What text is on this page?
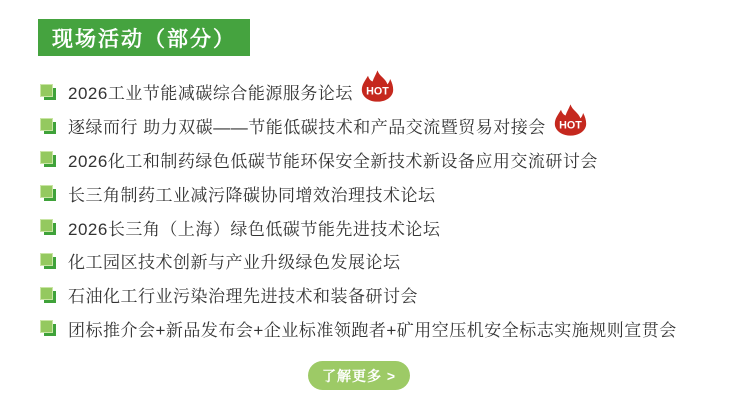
现场活动（部分）
2026工业节能减碳综合能源服务论坛 HOT
逐绿而行 助力双碳——节能低碳技术和产品交流暨贸易对接会 HOT
2026化工和制药绿色低碳节能环保安全新技术新设备应用交流研讨会
长三角制药工业减污降碳协同增效治理技术论坛
2026长三角（上海）绿色低碳节能先进技术论坛
化工园区技术创新与产业升级绿色发展论坛
石油化工行业污染治理先进技术和装备研讨会
团标推介会+新品发布会+企业标准领跑者+矿用空压机安全标志实施规则宣贯会
了解更多 >
